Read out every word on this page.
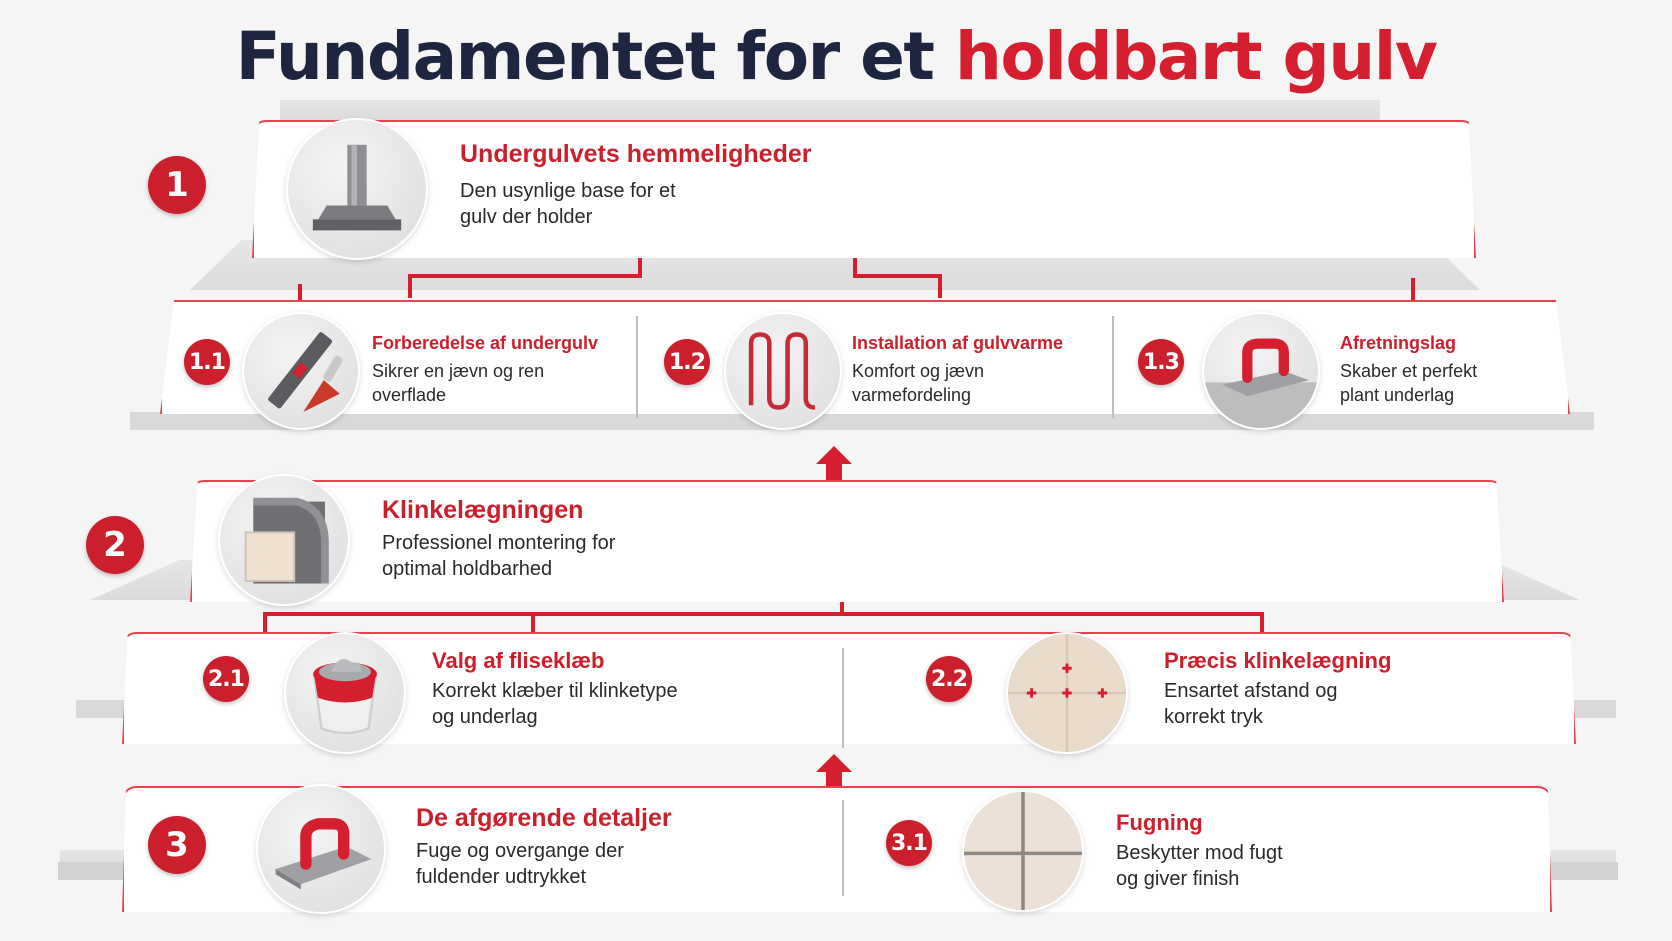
Fundamentet for et holdbart gulv
1
Undergulvets hemmeligheder
Den usynlige base for et
gulv der holder
1.1
Forberedelse af undergulv
Sikrer en jævn og ren
overflade
1.2
Installation af gulvvarme
Komfort og jævn
varmefordeling
1.3
Afretningslag
Skaber et perfekt
plant underlag
2
Klinkelægningen
Professionel montering for
optimal holdbarhed
2.1
Valg af fliseklæb
Korrekt klæber til klinketype
og underlag
2.2
Præcis klinkelægning
Ensartet afstand og
korrekt tryk
3
De afgørende detaljer
Fuge og overgange der
fuldender udtrykket
3.1
Fugning
Beskytter mod fugt
og giver finish
